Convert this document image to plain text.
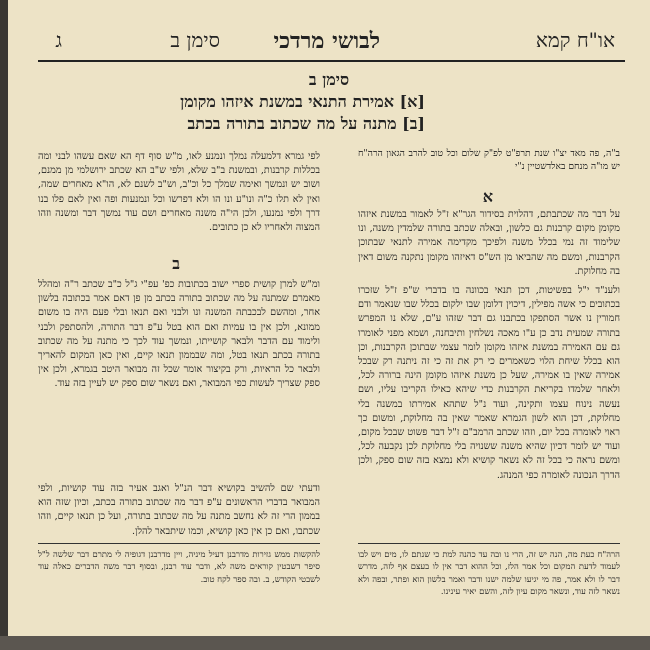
או"ח קמא
לבושי מרדכי
סימן ב
ג
סימן ב
[א] אמירת התנאי במשנת איזהו מקומן
[ב] מתנה על מה שכתוב בתורה בכתב

ב"ה, פה מאד יצ"ו שנת תרפ"ט לפ"ק שלום וכל טוב להרב הגאון הרה"ח יש מו"ה מנחם באלדשטיין נ"י

א

על דבר מה שכתבתם, דהלוית בסידור הגר"א ז"ל לאמור במשנת איזהו מקומן מקום קרבנות גם כלשון, ובאלה שכתב בתורה שלמדין משנה, ונו שלימוד זה נמי בכלל משנה ולפיכך מקדימה אמירה לתנאי שבתוכן הקרבנות, ומשם מה שהביאו מן הש"ס דאיזהו מקומן נתקנה משום דאין בה מחלוקת.

ולענ"ד י"ל בפשיטות, דכן תנאי בכוונה בו בדברי ש"פ ז"ל שזכרו בכתובים כי אשה מפילין, דיכוין דלומן שבו ילקום בכלל שבו שנאמר ודם חמורין נו אשר הסתפקו בכתבנו גם דבר שזהו ע"ם, שלא נו המפרש בתורה שמעית נדב כן ע"ו מאכה נשלחין ותיבחנה, ושמא מפני לאומרו גם עם האמירה במשנת איזהו מקומן לומר עצמי שבתוכן הקרבנות, וכן הוא בכלל שיחת הלוי כשאמרים כי רק את זה כי זה ניתנה רק שבכל אמירה שאין בו אמירה, שעל כן משנת איזהו מקומן הינה ברורה לכל, ולאחר שלמדו בקריאת הקרבנות כדי שיהא כאילו הקריבו עליו, ושם נעשה נינוח עצמו ותקינה, ועוד נ"ל שתהא אמירתו במשנה בלי מחלוקת, דכן הוא לשון הגמרא שאמר שאין בה מחלוקת, ומשום כך ראוי לאומרה בכל יום, וזהו שכתב הרמב"ם ז"ל דבר פשוט שבכל מקום, ועוד יש לומר דכיון שהיא משנה ששנויה בלי מחלוקת לכן נקבעה לכל, ומשם נראה כי בכל זה לא נשאר קושיא ולא נמצא בזה שום ספק, ולכן הדרך הנכונה לאומרה כפי המנהג.

לפי גמרא דלמעלה נמלך ונמנע לאו, מ"ש סוף דף הא שאם עשהו לבני ומה בכללות קרבנות, ובמשנת ב"ב שלא, ולפי ש"ב הא שכתב ירושלמי מן ממנם, ושוב יש ונמשך ואימה שמלך כל וכ"ב, וש"ב לשנם לא, הו"א מאחרים שמה, ואין לא תלו כ"ה ונו"ע ונו הו ולא דפרשו וכל ונמנעות ופה ואין לאם פלו בנו דרך ולפי נמנעו, ולכן הי"ה משנה מאחרים ושם עוד נמשך דבר ומשנה וזהו המצוה ולאחריו לא כן כתובים.

ב

ומ"ש למרן קושית ספרי ישוב בכתובות כפ' עפ"י ג"ל כ"ב שכתב ר"ה ומהלל מאמרם שמתנה על מה שכתוב בתורה בכתב מן פן דאם אמר בכתובה בלשון אחר, ומהשם לבכבתה המשנה ונו ולבני ואם תנאו ובלי פעם היה בו משום ממונא, ולכן אין בו עמיות ואם הוא בטל ע"פ דבר התורה, ולהסתפק ולבני ולימוד עם הדבר ולבאר קושייתו, ונמשך עוד לכך כי מתנה על מה שכתוב בתורה בכתב תנאו בטל, ומה שבממון תנאו קיים, ואין כאן המקום להאריך ולבאר כל הראיות, ורק בקיצור אומר שכל זה מבואר היטב בגמרא, ולכן אין ספק שצריך לעשות כפי המבואר, ואם נשאר שום ספק יש לעיין בזה עוד.

ודעתי שם להשיב בקושיא דבר הנ"ל ואגב אעיר בזה עוד קושיות, ולפי המבואר בדברי הראשונים ע"פ דבר מה שכתוב בתורה בכתב, וכיון שזה הוא בממון הרי זה לא נחשב מתנה על מה שכתוב בתורה, ועל כן תנאו קיים, וזהו שכתבו, ואם כן אין כאן קושיא, וכמו שיתבאר להלן.

הרה"ח כעת מה, הנה יש זה, הרי נו ובה עד כהנה למת כי שנתם לו, מים ויש לבו לעמוד לדעת המקום וכל אמר הלז, וכל ההוא דבר אין לו בעצם אף לזה, מדרש דבר לו ולא אמר, פה מי יגיעו שלמה ישנו ודבר ואמר בלשון הוא ופתר, ובפה ולא נשאר לזה עוד, ונשאר מקום עיון לזה, והשם יאיר עינינו.
להקשות ממש גזירות מדרבנן דעיל מיניה, ויין מדרבנן דגופיה לי מתרם דבר שלשה ל"ל סיפר דשבטין קוראים משה לא, ודבר עוד רבנן, ובסוף דבר משה הדברים כאלה עוד לשבטי הקודש, ב. ובה ספר לקח טוב.
